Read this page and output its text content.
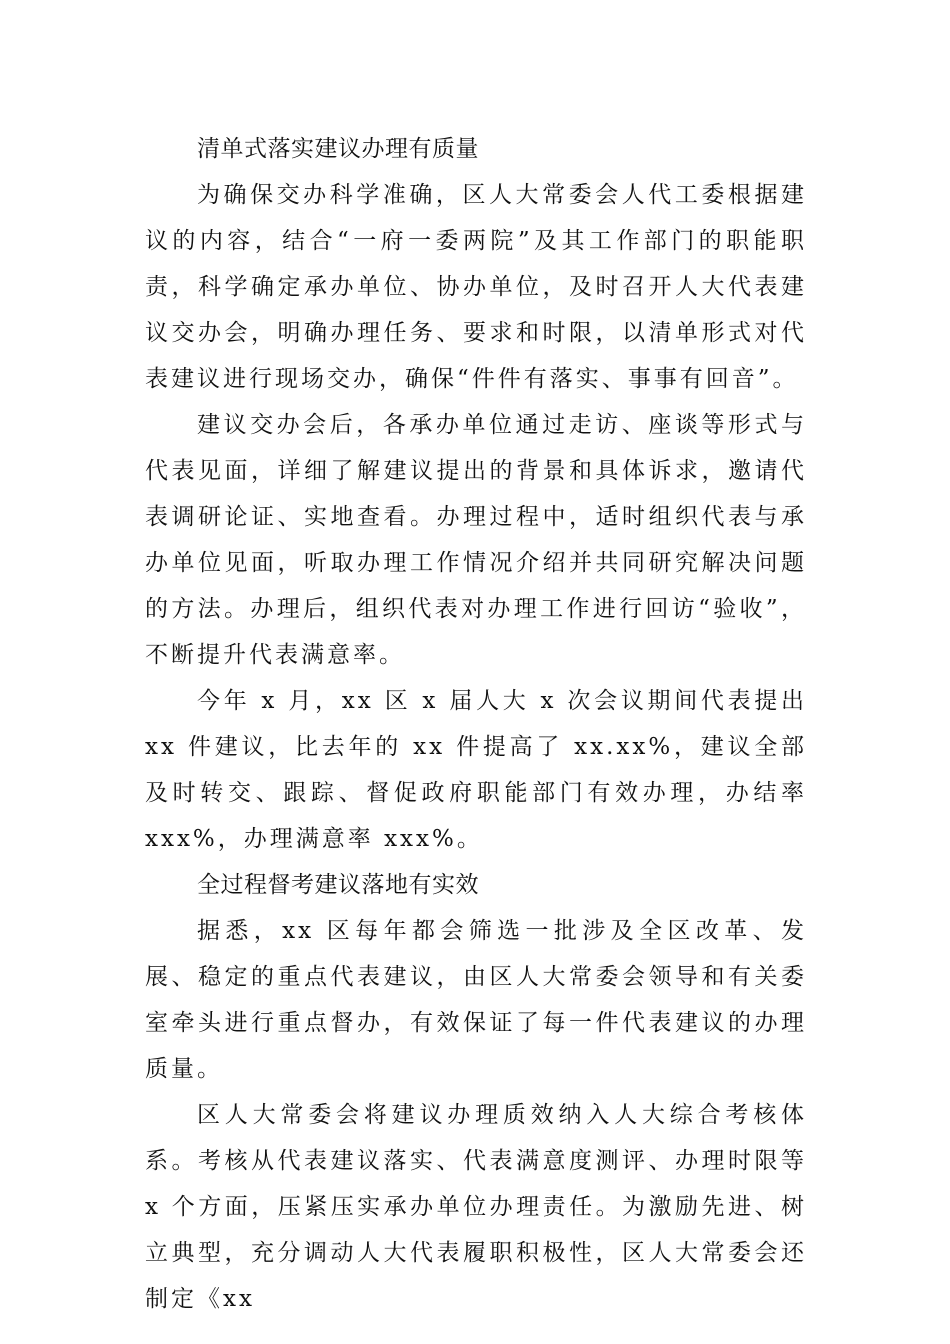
清单式落实建议办理有质量

为确保交办科学准确，区人大常委会人代工委根据建议的内容，结合“一府一委两院”及其工作部门的职能职责，科学确定承办单位、协办单位，及时召开人大代表建议交办会，明确办理任务、要求和时限，以清单形式对代表建议进行现场交办，确保“件件有落实、事事有回音”。

建议交办会后，各承办单位通过走访、座谈等形式与代表见面，详细了解建议提出的背景和具体诉求，邀请代表调研论证、实地查看。办理过程中，适时组织代表与承办单位见面，听取办理工作情况介绍并共同研究解决问题的方法。办理后，组织代表对办理工作进行回访“验收”，不断提升代表满意率。

今年 x 月，xx 区 x 届人大 x 次会议期间代表提出 xx 件建议，比去年的 xx 件提高了 xx.xx%，建议全部及时转交、跟踪、督促政府职能部门有效办理，办结率 xxx%，办理满意率 xxx%。

全过程督考建议落地有实效

据悉，xx 区每年都会筛选一批涉及全区改革、发展、稳定的重点代表建议，由区人大常委会领导和有关委室牵头进行重点督办，有效保证了每一件代表建议的办理质量。

区人大常委会将建议办理质效纳入人大综合考核体系。考核从代表建议落实、代表满意度测评、办理时限等 x 个方面，压紧压实承办单位办理责任。为激励先进、树立典型，充分调动人大代表履职积极性，区人大常委会还制定《xx
